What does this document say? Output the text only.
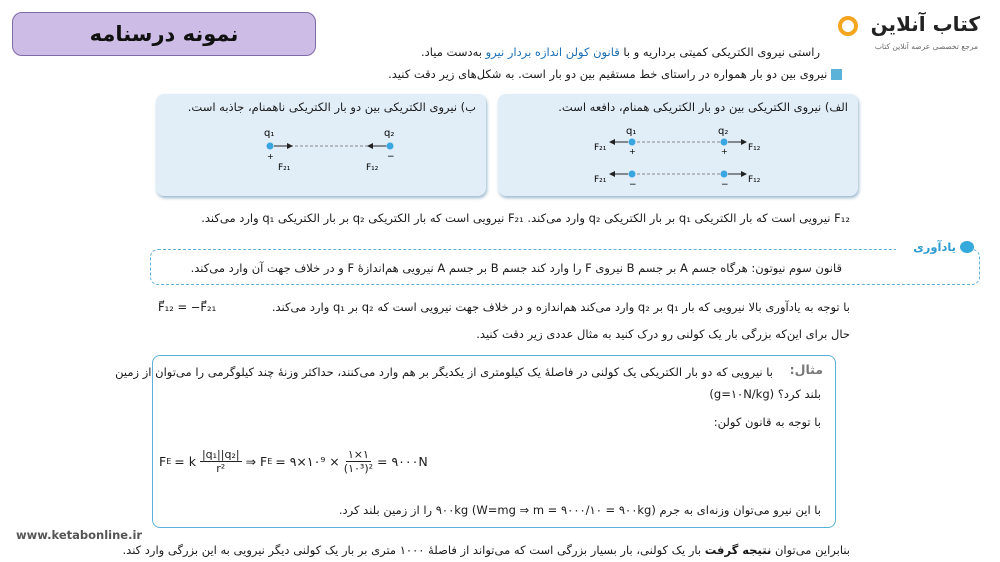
نمونه درسنامه	کتاب آنلاین
مرجع تخصصی عرضه آنلاین کتاب
راستی نیروی الکتریکی کمیتی برداریه و با قانون کولن اندازه بردار نیرو به‌دست میاد.
نیروی بین دو بار همواره در راستای خط مستقیم بین دو بار است. به شکل‌های زیر دقت کنید.
الف) نیروی الکتریکی بین دو بار الکتریکی همنام، دافعه است.
q₁	q₂
F₂₁	F₁₂
F₂₁	F₁₂
+	+
−	−
ب) نیروی الکتریکی بین دو بار الکتریکی ناهمنام، جاذبه است.
q₁	q₂
F₂₁	F₁₂
+	−
F₁₂ نیرویی است که بار الکتریکی q₁ بر بار الکتریکی q₂ وارد می‌کند. F₂₁ نیرویی است که بار الکتریکی q₂ بر بار الکتریکی q₁ وارد می‌کند.
یادآوری
قانون سوم نیوتون: هرگاه جسم A بر جسم B نیروی F را وارد کند جسم B بر جسم A نیرویی هم‌اندازهٔ F و در خلاف جهت آن وارد می‌کند.
با توجه به یادآوری بالا نیرویی که بار q₁ بر q₂ وارد می‌کند هم‌اندازه و در خلاف جهت نیرویی است که q₂ بر q₁ وارد می‌کند.
F⃗₁₂ = −F⃗₂₁
حال برای این‌که بزرگی بار یک کولنی رو درک کنید به مثال عددی زیر دقت کنید.
مثال:
با نیرویی که دو بار الکتریکی یک کولنی در فاصلهٔ یک کیلومتری از یکدیگر بر هم وارد می‌کنند، حداکثر وزنهٔ چند کیلوگرمی را می‌توان از زمین
بلند کرد؟ (g=۱۰N/kg)
با توجه به قانون کولن:
F E = k $\frac{\text{|q₁||q₂|}}{\text{r²}}$ ⇒ F E = ۹×۱۰⁹ × ۱×۱
(۱۰³)² = ۹۰۰۰N
با این نیرو می‌توان وزنه‌ای به جرم ۹۰۰kg (W=mg ⇒ m = ۹۰۰۰/۱۰ = ۹۰۰kg) را از زمین بلند کرد.
بنابراین می‌توان نتیجه گرفت بار یک کولنی، بار بسیار بزرگی است که می‌تواند از فاصلهٔ ۱۰۰۰ متری بر بار یک کولنی دیگر نیرویی به این بزرگی وارد کند.
www.ketabonline.ir
